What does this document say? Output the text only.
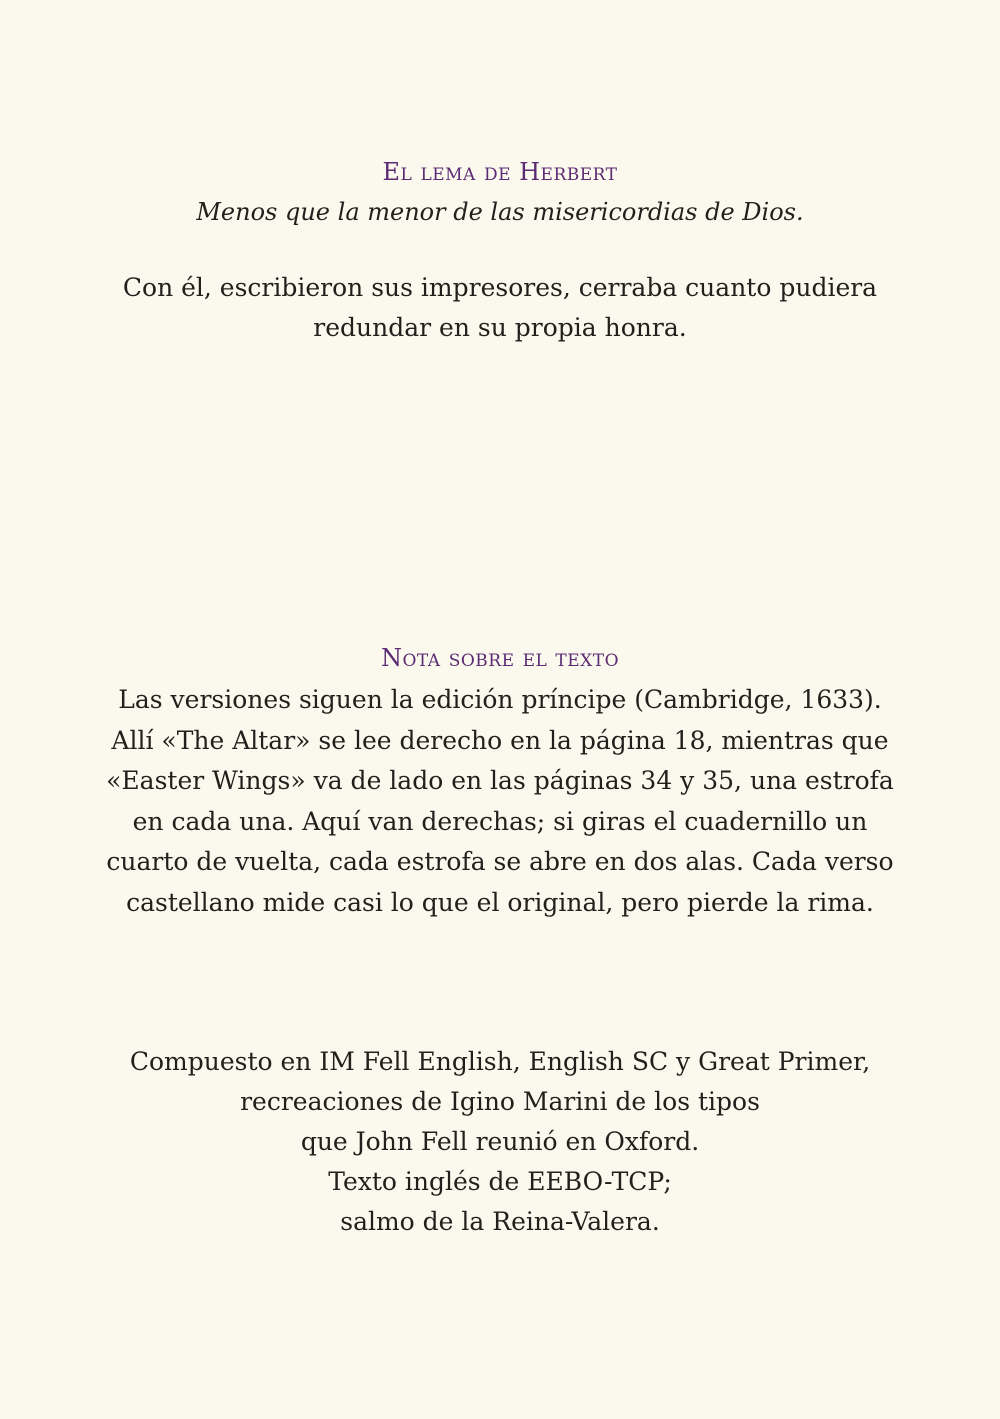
El lema de Herbert
Menos que la menor de las misericordias de Dios.
Con él, escribieron sus impresores, cerraba cuanto pudiera
redundar en su propia honra.
Nota sobre el texto
Las versiones siguen la edición príncipe (Cambridge, 1633).
Allí «The Altar» se lee derecho en la página 18, mientras que
«Easter Wings» va de lado en las páginas 34 y 35, una estrofa
en cada una. Aquí van derechas; si giras el cuadernillo un
cuarto de vuelta, cada estrofa se abre en dos alas. Cada verso
castellano mide casi lo que el original, pero pierde la rima.
Compuesto en IM Fell English, English SC y Great Primer,
recreaciones de Igino Marini de los tipos
que John Fell reunió en Oxford.
Texto inglés de EEBO-TCP;
salmo de la Reina-Valera.
